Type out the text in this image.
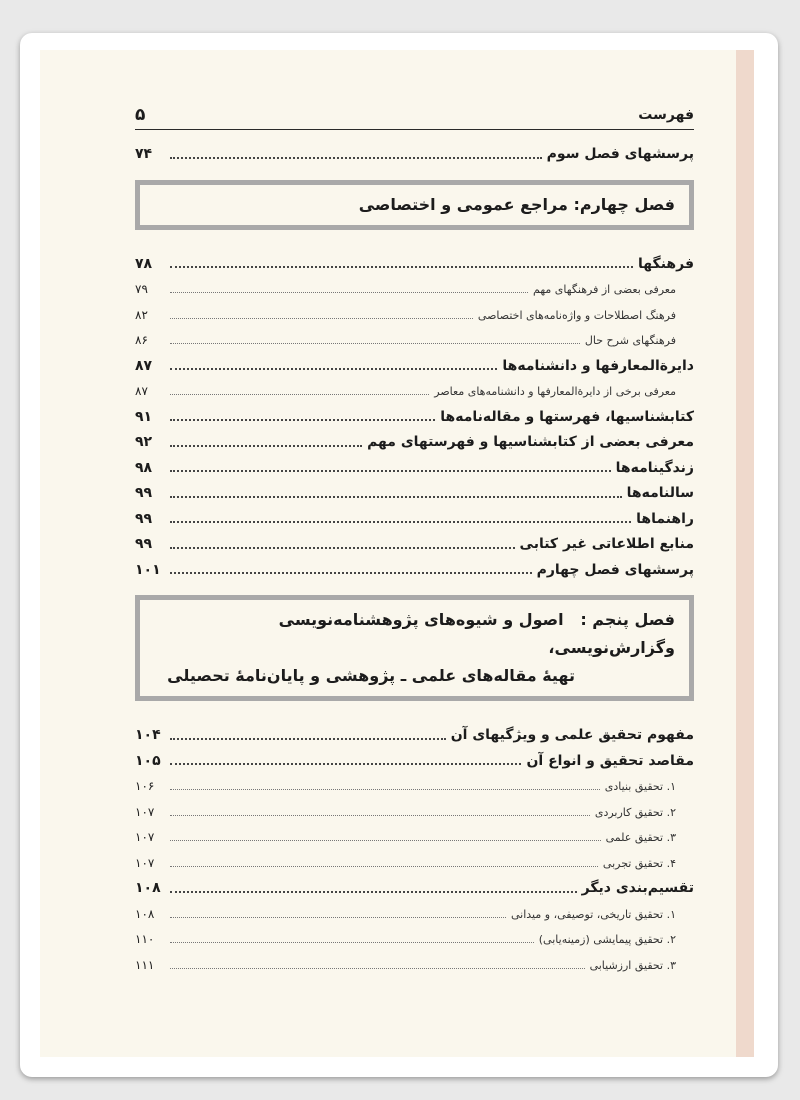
فهرست
۵
پرسشهای فصل سوم
۷۴
فصل چهارم: مراجع عمومی و اختصاصی
فرهنگها
۷۸
معرفی بعضی از فرهنگهای مهم
۷۹
فرهنگ اصطلاحات و واژه‌نامه‌های اختصاصی
۸۲
فرهنگهای شرح حال
۸۶
دایرةالمعارفها و دانشنامه‌ها
۸۷
معرفی برخی از دایرةالمعارفها و دانشنامه‌های معاصر
۸۷
کتابشناسیها، فهرستها و مقاله‌نامه‌ها
۹۱
معرفی بعضی از کتابشناسیها و فهرستهای مهم
۹۲
زندگینامه‌ها
۹۸
سالنامه‌ها
۹۹
راهنماها
۹۹
منابع اطلاعاتی غیر کتابی
۹۹
پرسشهای فصل چهارم
۱۰۱
فصل پنجم :   اصول و شیوه‌های پژوهشنامه‌نویسی وگزارش‌نویسی،
تهیهٔ مقاله‌های علمی ـ پژوهشی و پایان‌نامهٔ تحصیلی
مفهوم تحقیق علمی و ویژگیهای آن
۱۰۴
مقاصد تحقیق و انواع آن
۱۰۵
۱. تحقیق بنیادی
۱۰۶
۲. تحقیق کاربردی
۱۰۷
۳. تحقیق علمی
۱۰۷
۴. تحقیق تجربی
۱۰۷
تقسیم‌بندی دیگر
۱۰۸
۱. تحقیق تاریخی، توصیفی، و میدانی
۱۰۸
۲. تحقیق پیمایشی (زمینه‌یابی)
۱۱۰
۳. تحقیق ارزشیابی
۱۱۱
